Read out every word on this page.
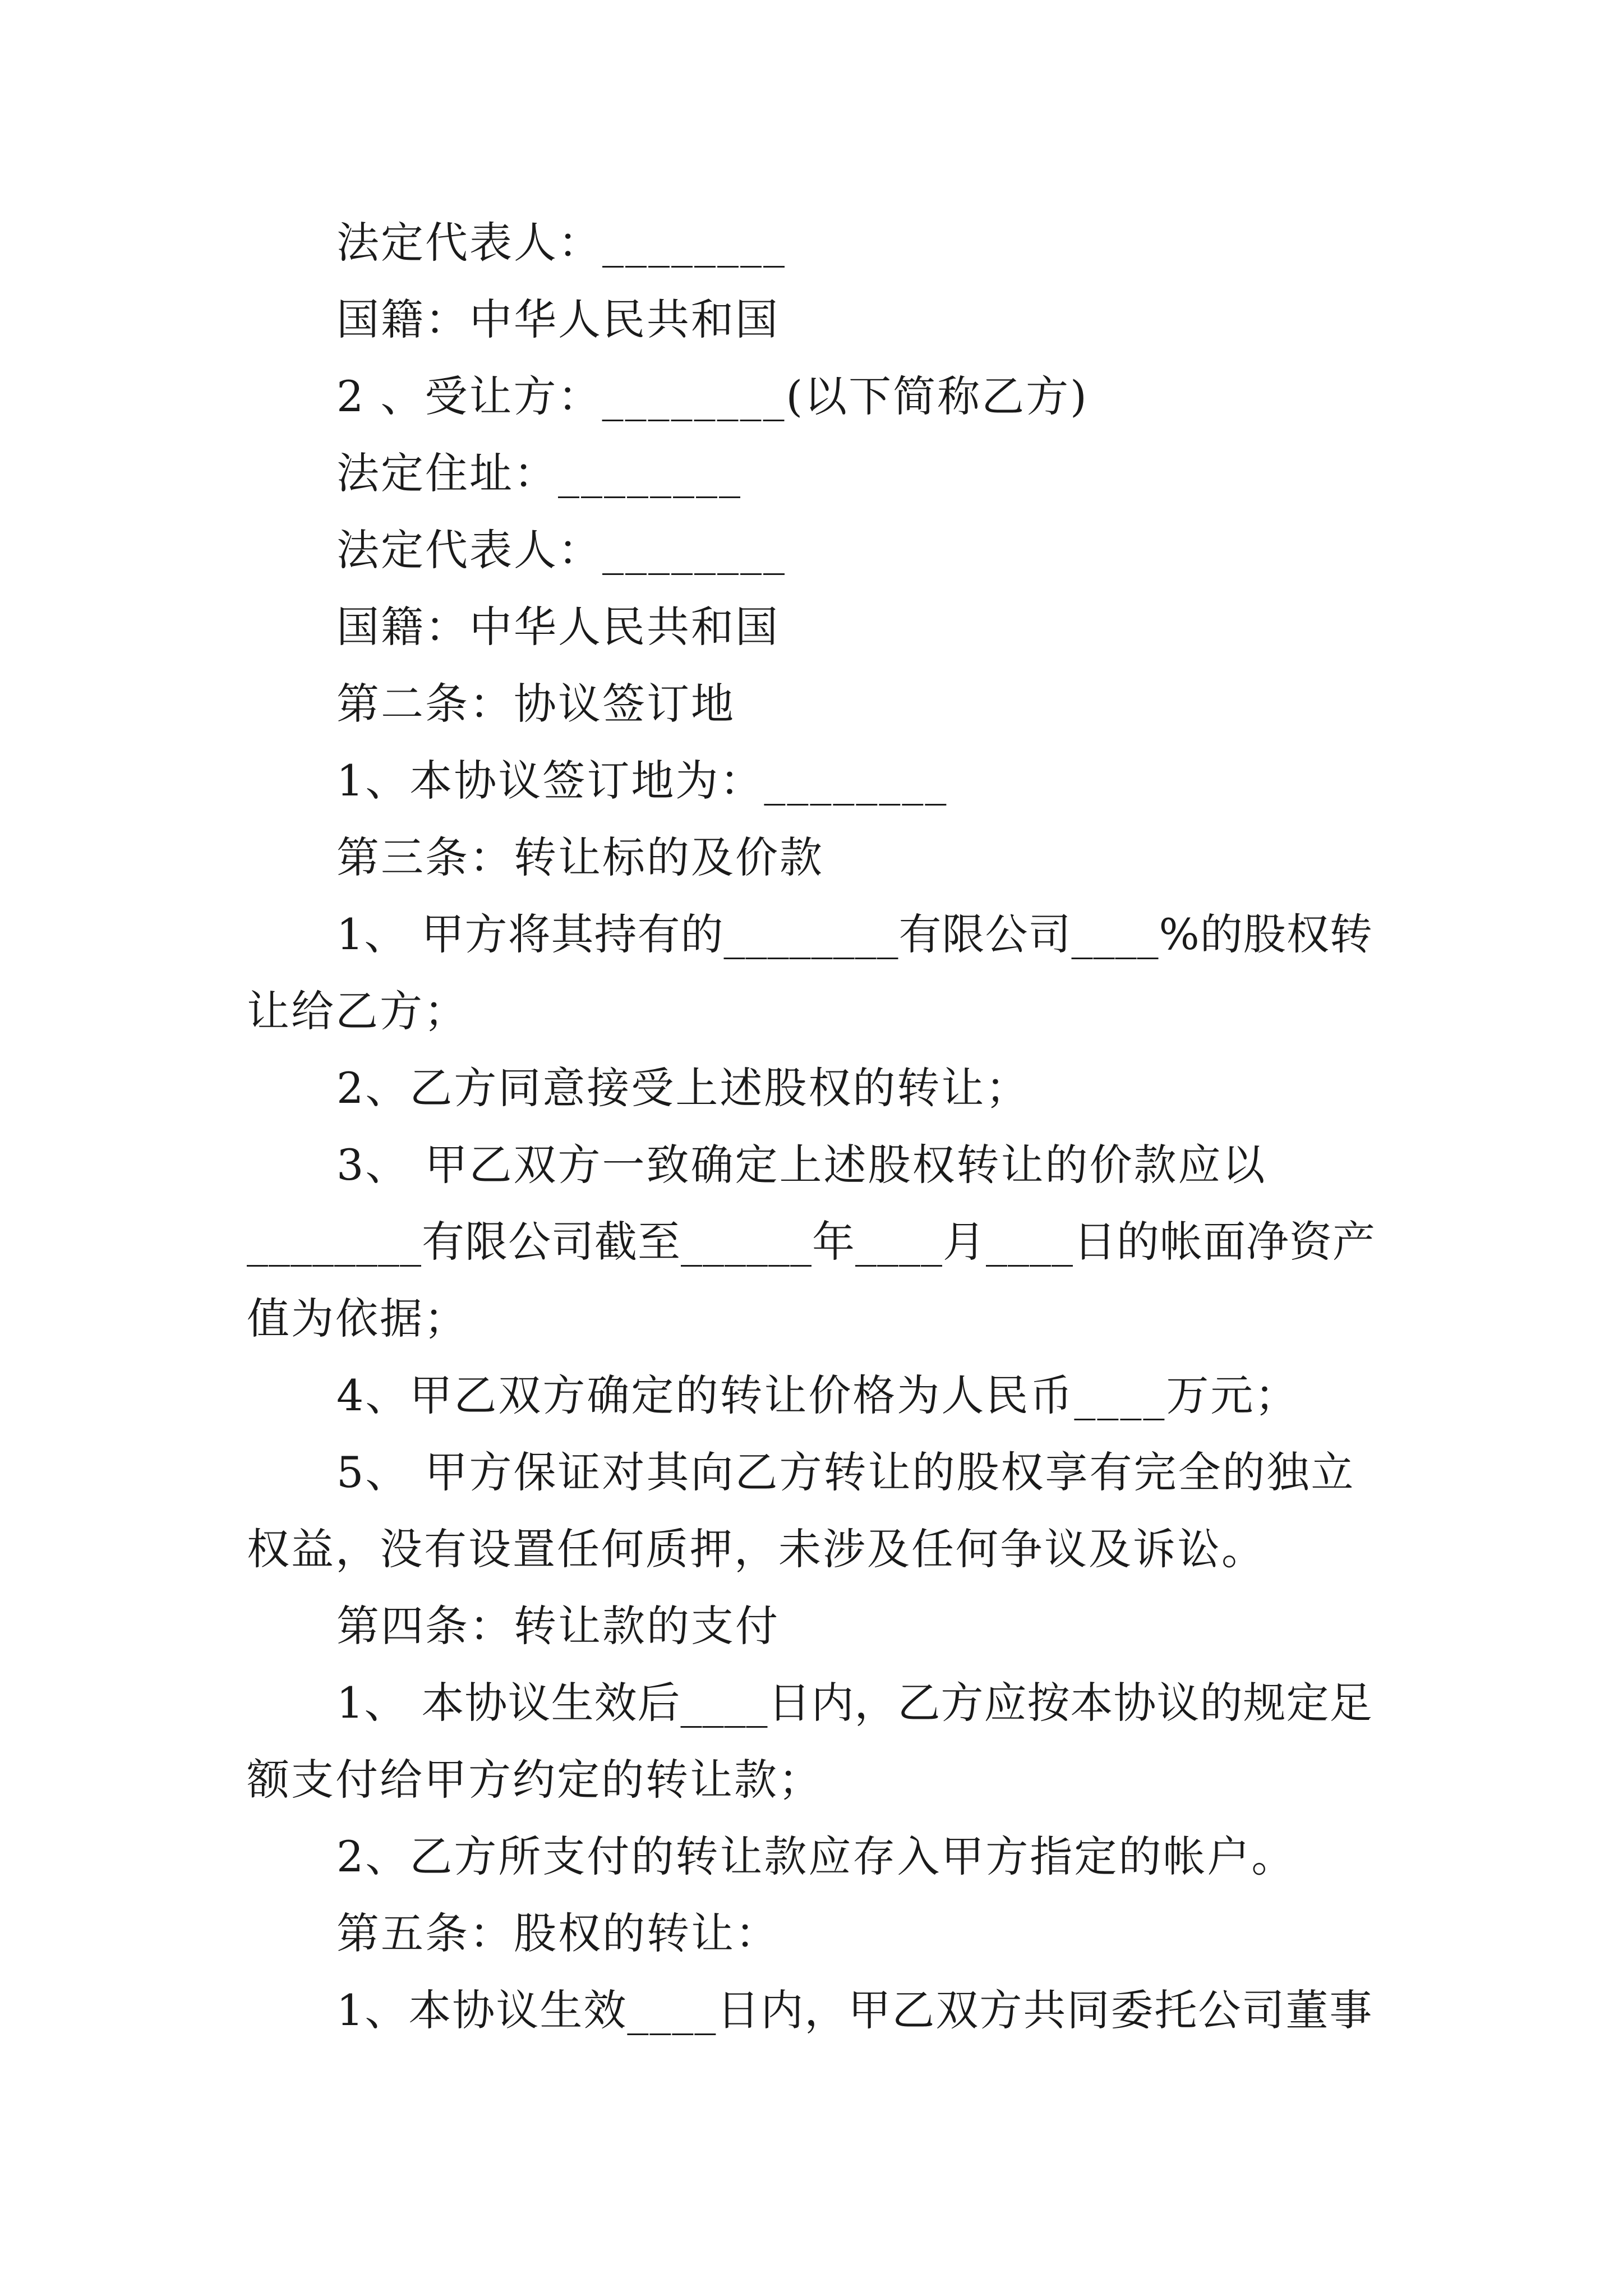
法定代表人：________
国籍：中华人民共和国
2 、受让方：________(以下简称乙方)
法定住址：________
法定代表人：________
国籍：中华人民共和国
第二条：协议签订地
1、本协议签订地为：________
第三条：转让标的及价款
1、 甲方将其持有的________有限公司____%的股权转
让给乙方；
2、乙方同意接受上述股权的转让；
3、 甲乙双方一致确定上述股权转让的价款应以
________有限公司截至______年____月____日的帐面净资产
值为依据；
4、甲乙双方确定的转让价格为人民币____万元；
5、 甲方保证对其向乙方转让的股权享有完全的独立
权益，没有设置任何质押，未涉及任何争议及诉讼。
第四条：转让款的支付
1、 本协议生效后____日内，乙方应按本协议的规定足
额支付给甲方约定的转让款；
2、乙方所支付的转让款应存入甲方指定的帐户。
第五条：股权的转让：
1、本协议生效____日内，甲乙双方共同委托公司董事
